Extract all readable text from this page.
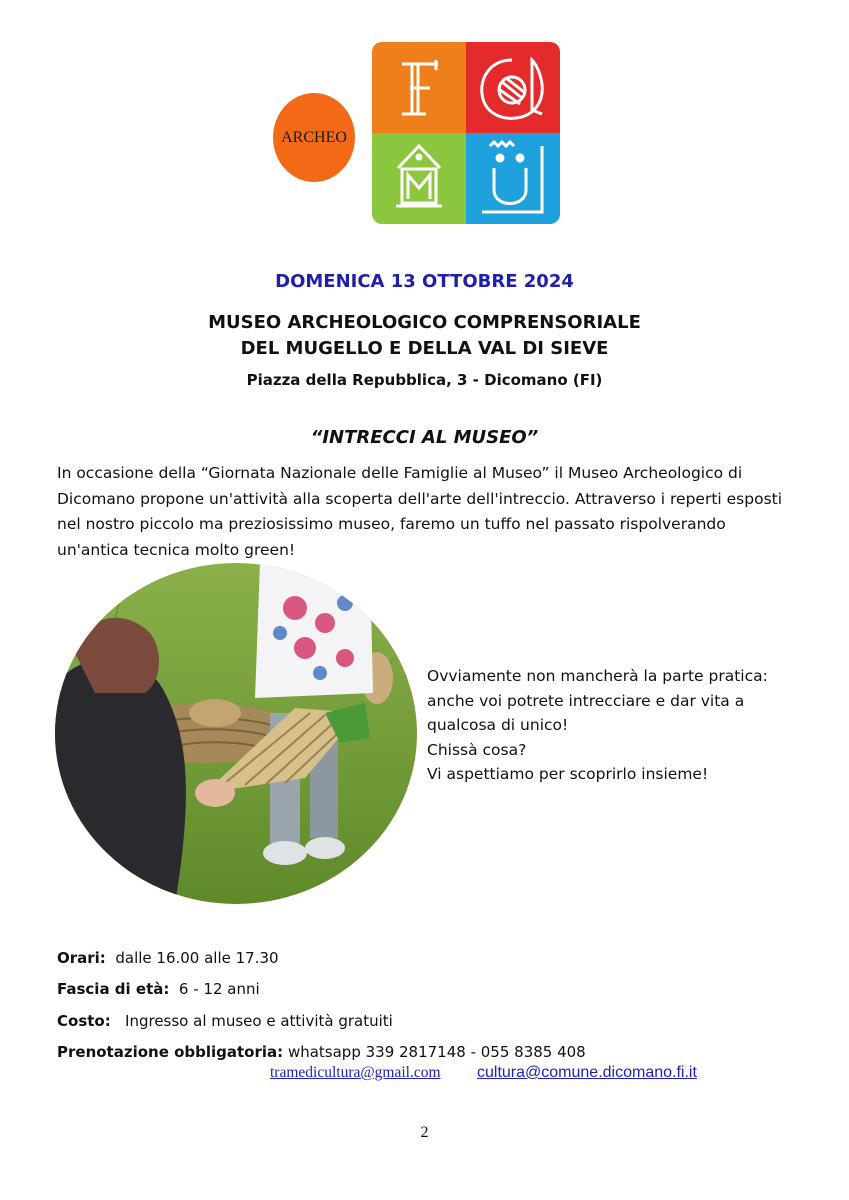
ARCHEO
DOMENICA 13 OTTOBRE 2024
MUSEO ARCHEOLOGICO COMPRENSORIALE
DEL MUGELLO E DELLA VAL DI SIEVE
Piazza della Repubblica, 3 - Dicomano (FI)
“INTRECCI AL MUSEO”
In occasione della “Giornata Nazionale delle Famiglie al Museo” il Museo Archeologico di
Dicomano propone un'attività alla scoperta dell'arte dell'intreccio. Attraverso i reperti esposti
nel nostro piccolo ma preziosissimo museo, faremo un tuffo nel passato rispolverando
un'antica tecnica molto green!
Ovviamente non mancherà la parte pratica:
anche voi potrete intrecciare e dar vita a
qualcosa di unico!
Chissà cosa?
Vi aspettiamo per scoprirlo insieme!
Orari: dalle 16.00 alle 17.30
Fascia di età: 6 - 12 anni
Costo: Ingresso al museo e attività gratuiti
Prenotazione obbligatoria: whatsapp 339 2817148 - 055 8385 408
tramedicultura@gmail.com cultura@comune.dicomano.fi.it
2
